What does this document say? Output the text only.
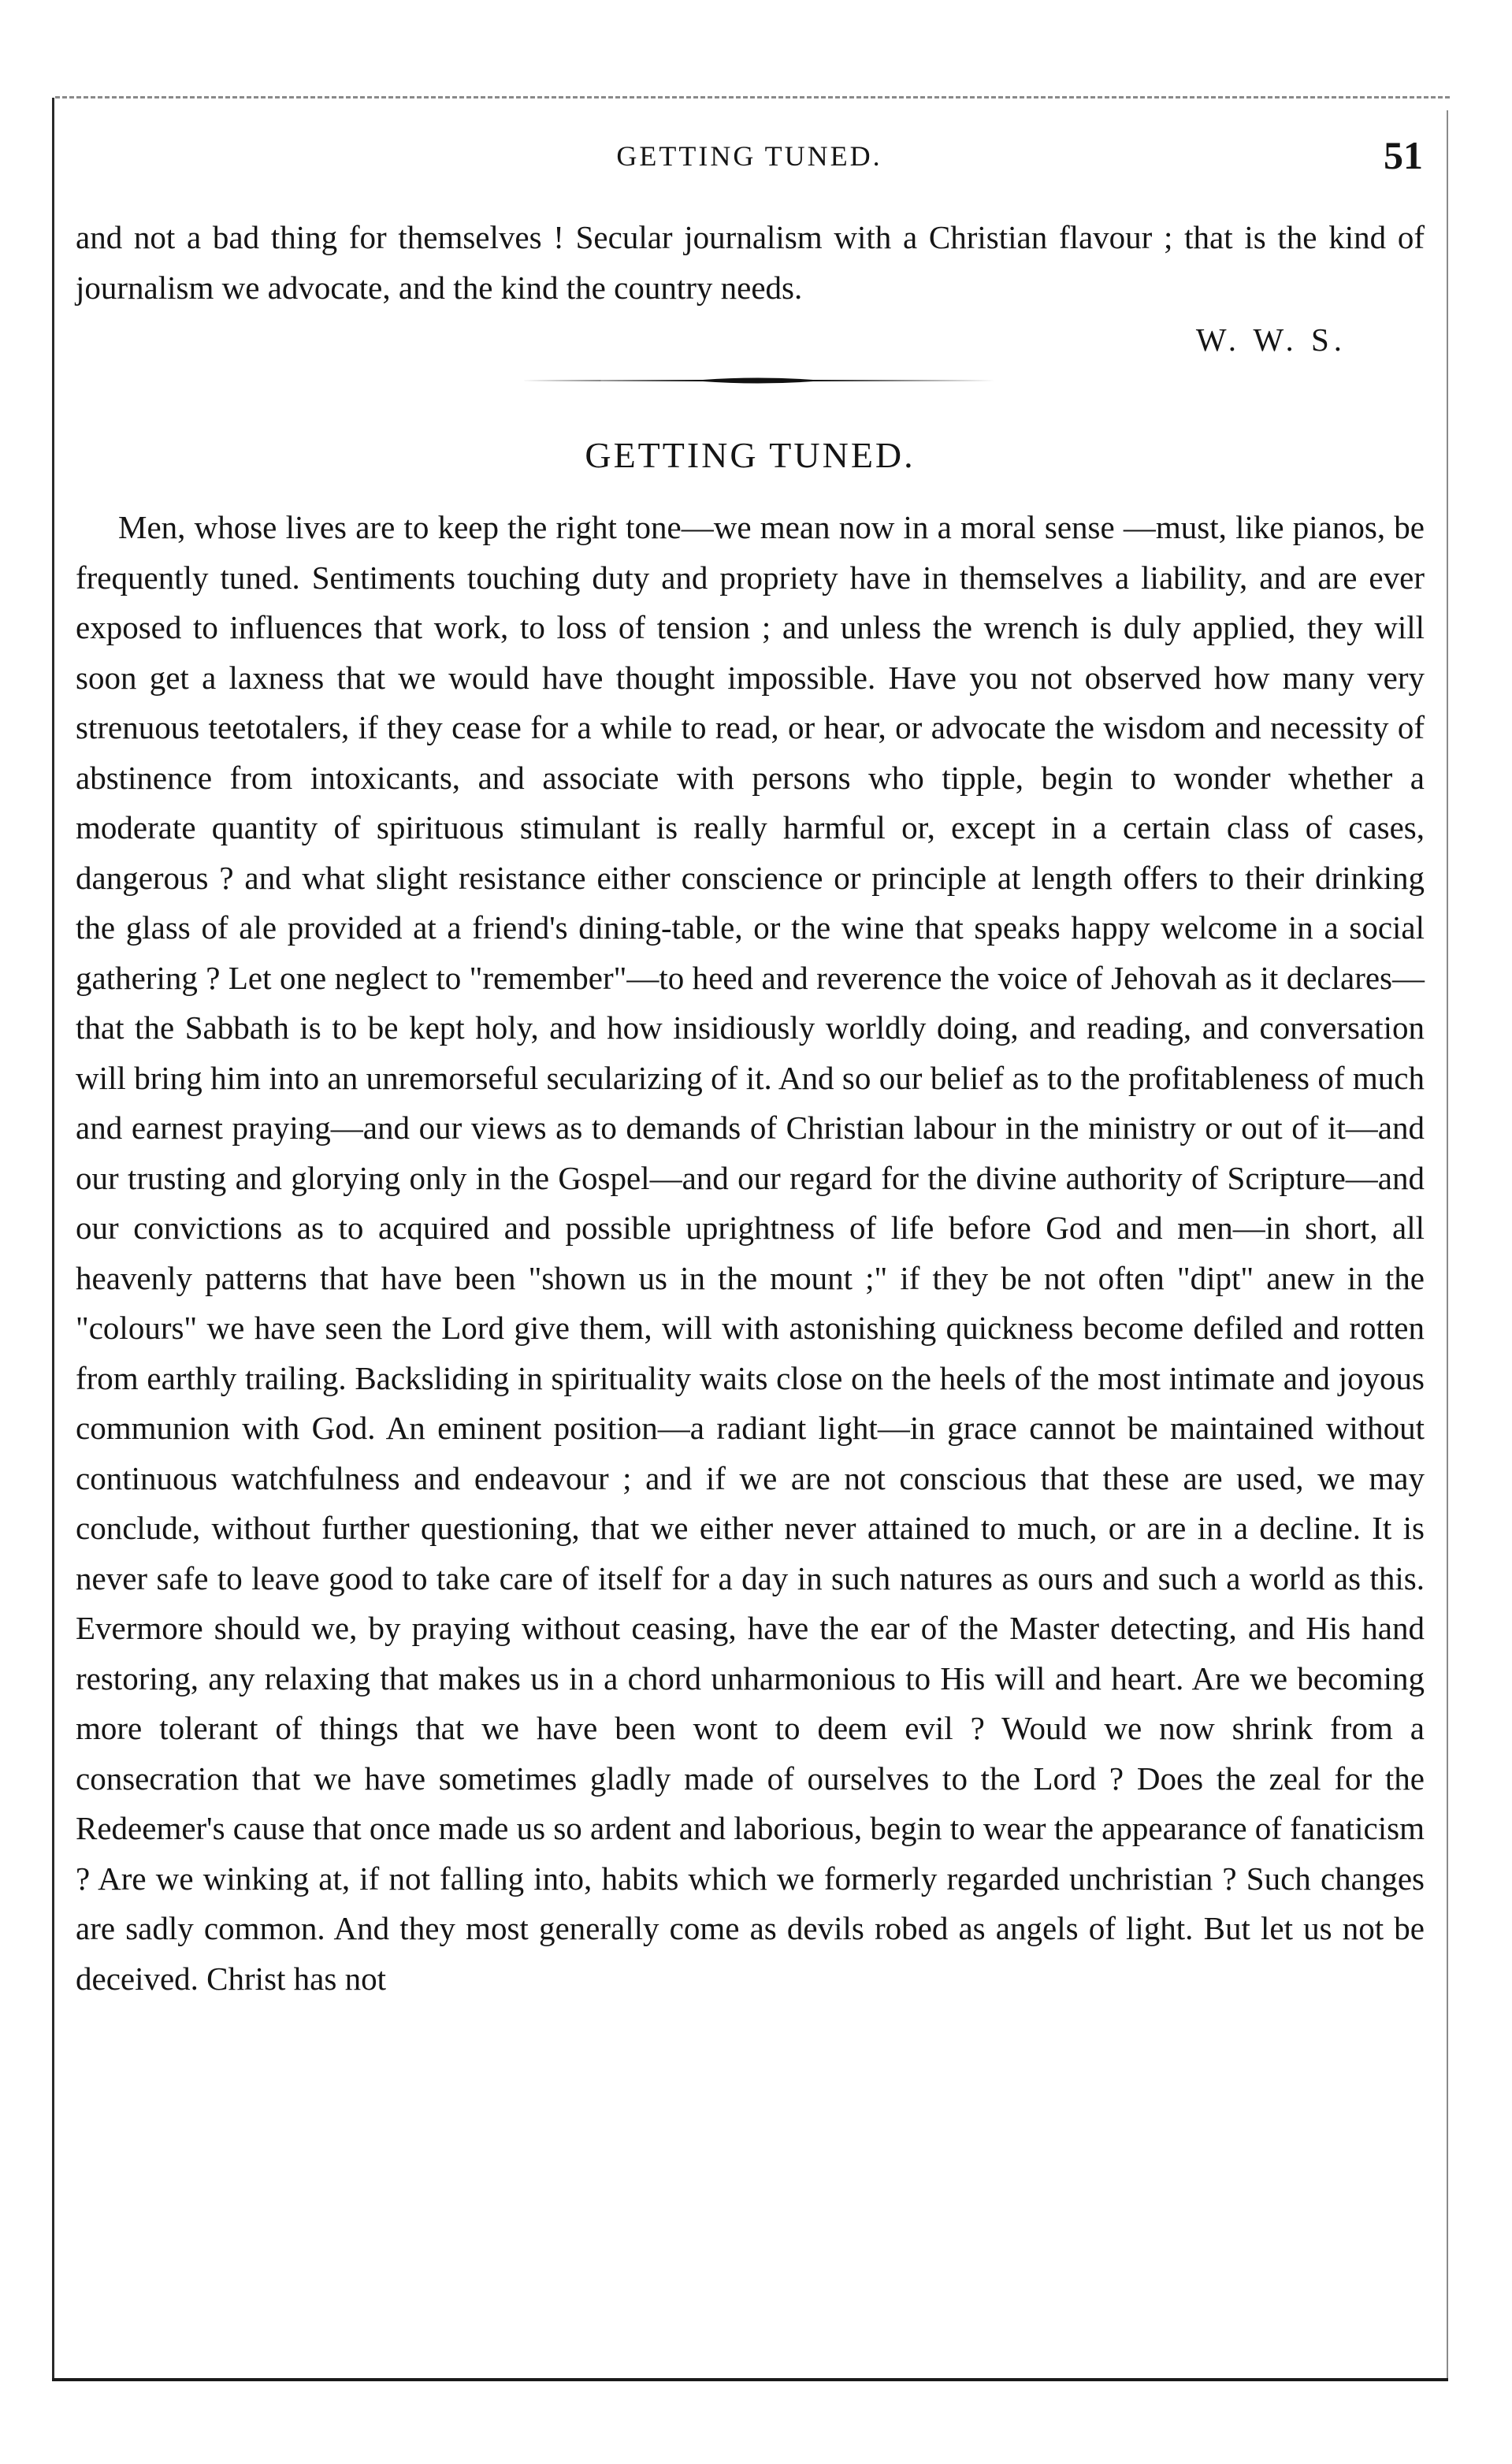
GETTING TUNED.	51

and not a bad thing for themselves ! Secular journalism with a Christian flavour ; that is the kind of journalism we advocate, and the kind the country needs.

W. W. S.
GETTING TUNED.

Men, whose lives are to keep the right tone—we mean now in a moral sense —must, like pianos, be frequently tuned. Sentiments touching duty and propriety have in themselves a liability, and are ever exposed to influences that work, to loss of tension ; and unless the wrench is duly applied, they will soon get a laxness that we would have thought impossible. Have you not observed how many very strenuous teetotalers, if they cease for a while to read, or hear, or advocate the wisdom and necessity of abstinence from intoxicants, and associate with persons who tipple, begin to wonder whether a moderate quantity of spirituous stimulant is really harmful or, except in a certain class of cases, dangerous ? and what slight resistance either conscience or principle at length offers to their drinking the glass of ale provided at a friend's dining-table, or the wine that speaks happy welcome in a social gathering ? Let one neglect to "remember"—to heed and reverence the voice of Jehovah as it declares—that the Sabbath is to be kept holy, and how insidiously worldly doing, and reading, and conversation will bring him into an unremorseful secularizing of it. And so our belief as to the profitableness of much and earnest praying—and our views as to demands of Christian labour in the ministry or out of it—and our trusting and glorying only in the Gospel—and our regard for the divine authority of Scripture—and our convictions as to acquired and possible uprightness of life before God and men—in short, all heavenly patterns that have been "shown us in the mount ;" if they be not often "dipt" anew in the "colours" we have seen the Lord give them, will with astonishing quickness become defiled and rotten from earthly trailing. Backsliding in spirituality waits close on the heels of the most intimate and joyous communion with God. An eminent position—a radiant light—in grace cannot be maintained without continuous watchfulness and endeavour ; and if we are not conscious that these are used, we may conclude, without further questioning, that we either never attained to much, or are in a decline. It is never safe to leave good to take care of itself for a day in such natures as ours and such a world as this. Evermore should we, by praying without ceasing, have the ear of the Master detecting, and His hand restoring, any relaxing that makes us in a chord unharmonious to His will and heart. Are we becoming more tolerant of things that we have been wont to deem evil ? Would we now shrink from a consecration that we have sometimes gladly made of ourselves to the Lord ? Does the zeal for the Redeemer's cause that once made us so ardent and laborious, begin to wear the appearance of fanaticism ? Are we winking at, if not falling into, habits which we formerly regarded unchristian ? Such changes are sadly common. And they most generally come as devils robed as angels of light. But let us not be deceived. Christ has not
